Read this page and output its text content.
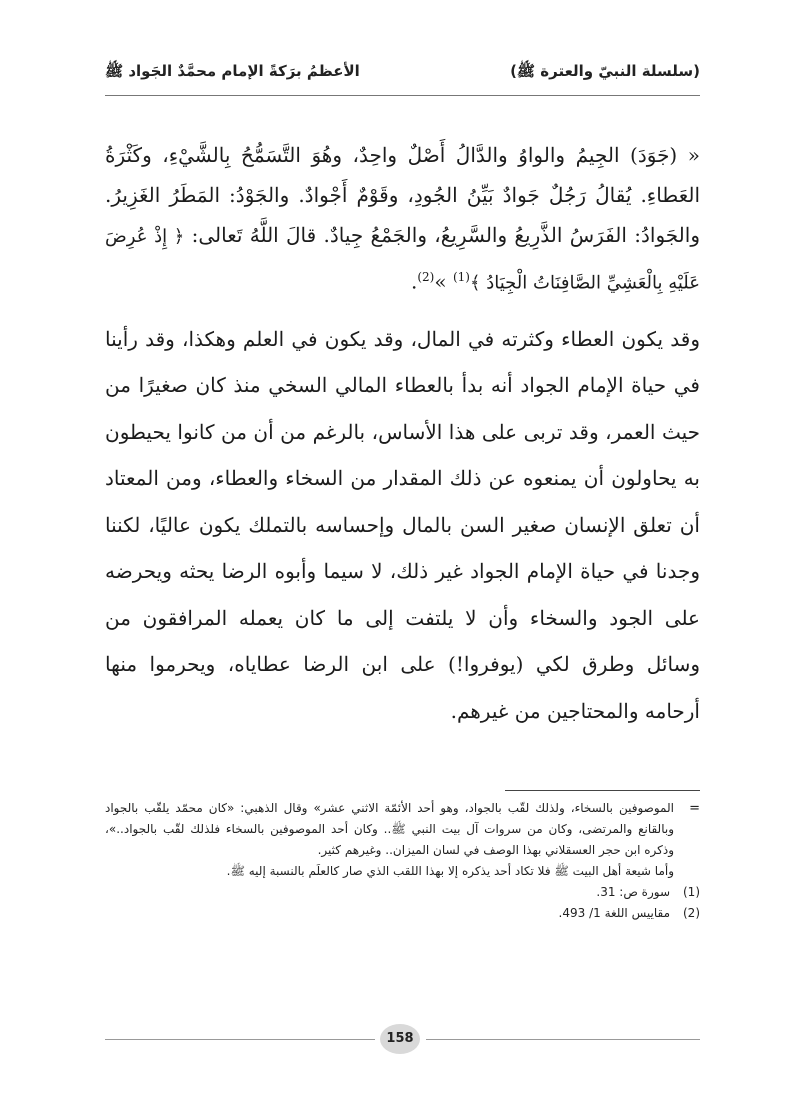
(سلسلة النبيّ والعترة ﷺ)
الأعظمُ برَكةً الإمام محمَّدٌ الجَواد ﷺ

« (جَوَدَ) الجِيمُ والواوُ والدَّالُ أَصْلٌ واحِدٌ، وهُوَ التَّسَمُّحُ بِالشَّيْءِ، وكَثْرَةُ العَطاءِ. يُقالُ رَجُلٌ جَوادٌ بَيِّنُ الجُودِ، وقَوْمٌ أَجْوادٌ. والجَوْدُ: المَطَرُ الغَزِيرُ. والجَوادُ: الفَرَسُ الذَّرِيعُ والسَّرِيعُ، والجَمْعُ جِيادٌ. قالَ اللَّهُ تَعالى: ﴿ إِذْ عُرِضَ عَلَيْهِ بِالْعَشِيِّ الصَّافِنَاتُ الْجِيَادُ ﴾$^{(1)}$ »$^{(2)}$.

وقد يكون العطاء وكثرته في المال، وقد يكون في العلم وهكذا، وقد رأينا في حياة الإمام الجواد أنه بدأ بالعطاء المالي السخي منذ كان صغيرًا من حيث العمر، وقد تربى على هذا الأساس، بالرغم من أن من كانوا يحيطون به يحاولون أن يمنعوه عن ذلك المقدار من السخاء والعطاء، ومن المعتاد أن تعلق الإنسان صغير السن بالمال وإحساسه بالتملك يكون عاليًا، لكننا وجدنا في حياة الإمام الجواد غير ذلك، لا سيما وأبوه الرضا يحثه ويحرضه على الجود والسخاء وأن لا يلتفت إلى ما كان يعمله المرافقون من وسائل وطرق لكي (يوفروا!) على ابن الرضا عطاياه، ويحرموا منها أرحامه والمحتاجين من غيرهم.

=

الموصوفين بالسخاء، ولذلك لقّب بالجواد، وهو أحد الأئمّة الاثني عشر» وقال الذهبي: «كان محمّد يلقّب بالجواد وبالقانع والمرتضى، وكان من سروات آل بيت النبي ﷺ.. وكان أحد الموصوفين بالسخاء فلذلك لقّب بالجواد..»، وذكره ابن حجر العسقلاني بهذا الوصف في لسان الميزان.. وغيرهم كثير.

وأما شيعة أهل البيت ﷺ فلا تكاد أحد يذكره إلا بهذا اللقب الذي صار كالعلَم بالنسبة إليه ﷺ.

(1)
سورة ص: 31.
(2)
مقاييس اللغة 1/ 493.
158
